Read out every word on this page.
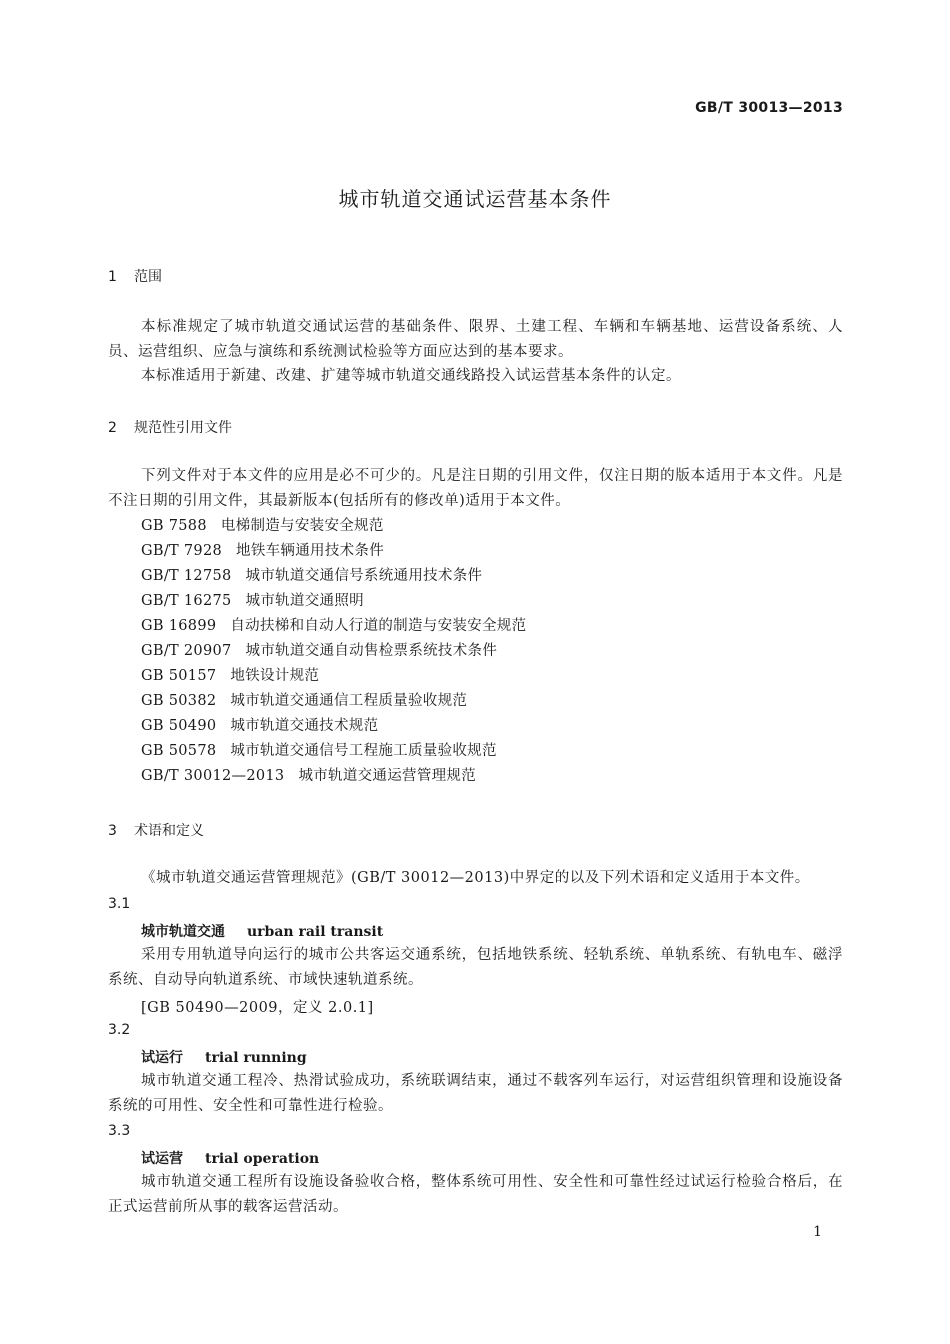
GB/T 30013—2013
城市轨道交通试运营基本条件
1 范围
本标准规定了城市轨道交通试运营的基础条件、限界、土建工程、车辆和车辆基地、运营设备系统、人员、运营组织、应急与演练和系统测试检验等方面应达到的基本要求。
本标准适用于新建、改建、扩建等城市轨道交通线路投入试运营基本条件的认定。
2 规范性引用文件
下列文件对于本文件的应用是必不可少的。凡是注日期的引用文件，仅注日期的版本适用于本文件。凡是不注日期的引用文件，其最新版本(包括所有的修改单)适用于本文件。
GB 7588 电梯制造与安装安全规范
GB/T 7928 地铁车辆通用技术条件
GB/T 12758 城市轨道交通信号系统通用技术条件
GB/T 16275 城市轨道交通照明
GB 16899 自动扶梯和自动人行道的制造与安装安全规范
GB/T 20907 城市轨道交通自动售检票系统技术条件
GB 50157 地铁设计规范
GB 50382 城市轨道交通通信工程质量验收规范
GB 50490 城市轨道交通技术规范
GB 50578 城市轨道交通信号工程施工质量验收规范
GB/T 30012—2013 城市轨道交通运营管理规范
3 术语和定义
《城市轨道交通运营管理规范》(GB/T 30012—2013)中界定的以及下列术语和定义适用于本文件。
3.1
城市轨道交通 urban rail transit
采用专用轨道导向运行的城市公共客运交通系统，包括地铁系统、轻轨系统、单轨系统、有轨电车、磁浮系统、自动导向轨道系统、市域快速轨道系统。
[GB 50490—2009，定义 2.0.1]
3.2
试运行 trial running
城市轨道交通工程冷、热滑试验成功，系统联调结束，通过不载客列车运行，对运营组织管理和设施设备系统的可用性、安全性和可靠性进行检验。
3.3
试运营 trial operation
城市轨道交通工程所有设施设备验收合格，整体系统可用性、安全性和可靠性经过试运行检验合格后，在正式运营前所从事的载客运营活动。
1
